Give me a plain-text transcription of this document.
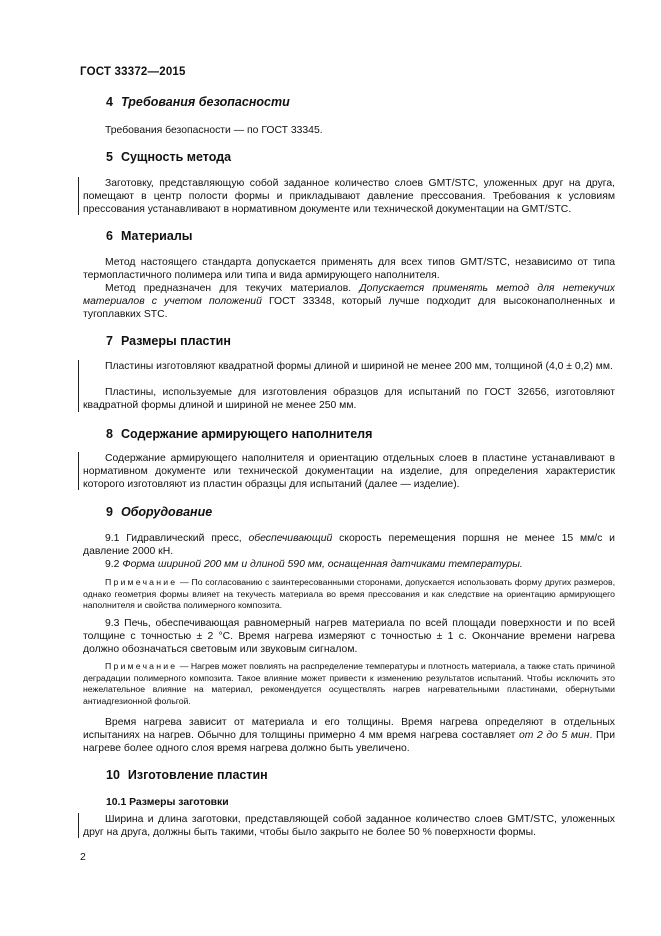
ГОСТ 33372—2015
4 Требования безопасности
Требования безопасности — по ГОСТ 33345.
5 Сущность метода
Заготовку, представляющую собой заданное количество слоев GMT/STC, уложенных друг на друга, помещают в центр полости формы и прикладывают давление прессования. Требования к условиям прессования устанавливают в нормативном документе или технической документации на GMT/STC.
6 Материалы
Метод настоящего стандарта допускается применять для всех типов GMT/STC, независимо от типа термопластичного полимера или типа и вида армирующего наполнителя.
Метод предназначен для текучих материалов. Допускается применять метод для нетекучих материалов с учетом положений ГОСТ 33348, который лучше подходит для высоконаполненных и тугоплавких STC.
7 Размеры пластин
Пластины изготовляют квадратной формы длиной и шириной не менее 200 мм, толщиной (4,0 ± 0,2) мм.
Пластины, используемые для изготовления образцов для испытаний по ГОСТ 32656, изготовляют квадратной формы длиной и шириной не менее 250 мм.
8 Содержание армирующего наполнителя
Содержание армирующего наполнителя и ориентацию отдельных слоев в пластине устанавливают в нормативном документе или технической документации на изделие, для определения характеристик которого изготовляют из пластин образцы для испытаний (далее — изделие).
9 Оборудование
9.1 Гидравлический пресс, обеспечивающий скорость перемещения поршня не менее 15 мм/с и давление 2000 кН.
9.2 Форма шириной 200 мм и длиной 590 мм, оснащенная датчиками температуры.
Примечание — По согласованию с заинтересованными сторонами, допускается использовать форму других размеров, однако геометрия формы влияет на текучесть материала во время прессования и как следствие на ориентацию армирующего наполнителя и свойства полимерного композита.
9.3 Печь, обеспечивающая равномерный нагрев материала по всей площади поверхности и по всей толщине с точностью ± 2 °С. Время нагрева измеряют с точностью ± 1 с. Окончание времени нагрева должно обозначаться световым или звуковым сигналом.
Примечание — Нагрев может повлиять на распределение температуры и плотность материала, а также стать причиной деградации полимерного композита. Такое влияние может привести к изменению результатов испытаний. Чтобы исключить это нежелательное влияние на материал, рекомендуется осуществлять нагрев нагревательными пластинами, обернутыми антиадгезионной фольгой.
Время нагрева зависит от материала и его толщины. Время нагрева определяют в отдельных испытаниях на нагрев. Обычно для толщины примерно 4 мм время нагрева составляет от 2 до 5 мин. При нагреве более одного слоя время нагрева должно быть увеличено.
10 Изготовление пластин
10.1 Размеры заготовки
Ширина и длина заготовки, представляющей собой заданное количество слоев GMT/STC, уложенных друг на друга, должны быть такими, чтобы было закрыто не более 50 % поверхности формы.
2
